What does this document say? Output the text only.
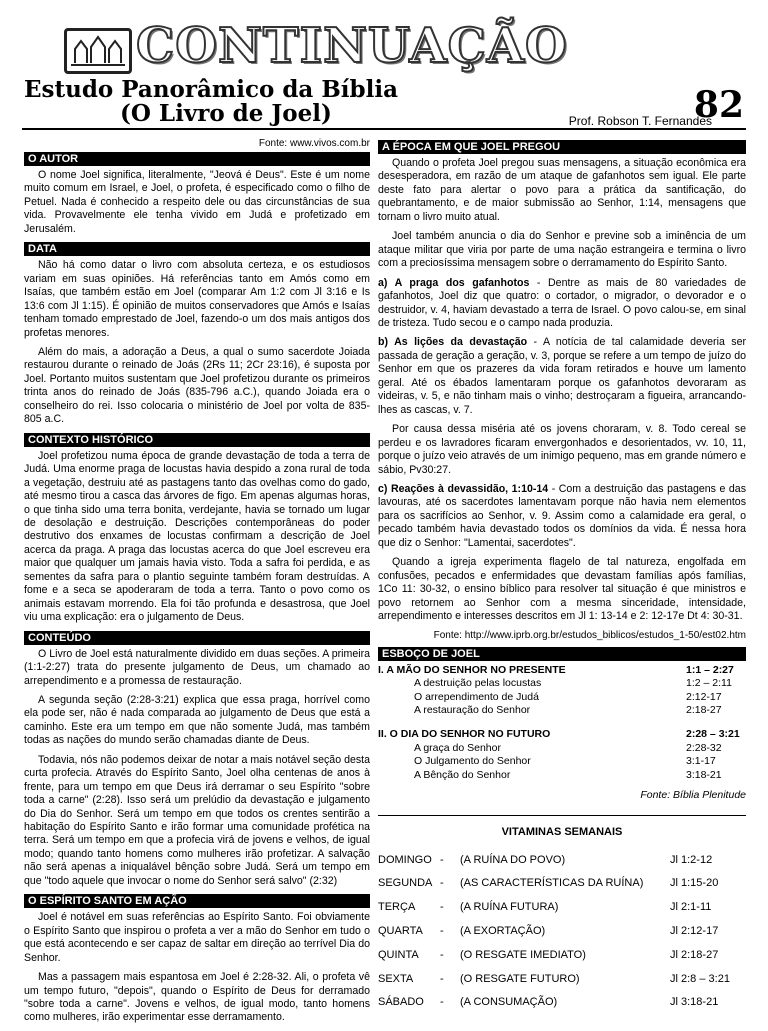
CONTINUAÇÃO
Estudo Panorâmico da Bíblia
(O Livro de Joel)	82
Prof. Robson T. Fernandes
Fonte: www.vivos.com.br
O AUTOR

O nome Joel significa, literalmente, "Jeová é Deus". Este é um nome muito comum em Israel, e Joel, o profeta, é especificado como o filho de Petuel. Nada é conhecido a respeito dele ou das circunstâncias de sua vida. Provavelmente ele tenha vivido em Judá e profetizado em Jerusalém.

DATA

Não há como datar o livro com absoluta certeza, e os estudiosos variam em suas opiniões. Há referências tanto em Amós como em Isaías, que também estão em Joel (comparar Am 1:2 com Jl 3:16 e Is 13:6 com Jl 1:15). É opinião de muitos conservadores que Amós e Isaías tenham tomado emprestado de Joel, fazendo-o um dos mais antigos dos profetas menores.

Além do mais, a adoração a Deus, a qual o sumo sacerdote Joiada restaurou durante o reinado de Joás (2Rs 11; 2Cr 23:16), é suposta por Joel. Portanto muitos sustentam que Joel profetizou durante os primeiros trinta anos do reinado de Joás (835-796 a.C.), quando Joiada era o conselheiro do rei. Isso colocaria o ministério de Joel por volta de 835-805 a.C.

CONTEXTO HISTÓRICO

Joel profetizou numa época de grande devastação de toda a terra de Judá. Uma enorme praga de locustas havia despido a zona rural de toda a vegetação, destruiu até as pastagens tanto das ovelhas como do gado, até mesmo tirou a casca das árvores de figo. Em apenas algumas horas, o que tinha sido uma terra bonita, verdejante, havia se tornado um lugar de desolação e destruição. Descrições contemporâneas do poder destrutivo dos enxames de locustas confirmam a descrição de Joel acerca da praga. A praga das locustas acerca do que Joel escreveu era maior que qualquer um jamais havia visto. Toda a safra foi perdida, e as sementes da safra para o plantio seguinte também foram destruídas. A fome e a seca se apoderaram de toda a terra. Tanto o povo como os animais estavam morrendo. Ela foi tão profunda e desastrosa, que Joel viu uma explicação: era o julgamento de Deus.

CONTEÚDO

O Livro de Joel está naturalmente dividido em duas seções. A primeira (1:1-2:27) trata do presente julgamento de Deus, um chamado ao arrependimento e a promessa de restauração.

A segunda seção (2:28-3:21) explica que essa praga, horrível como ela pode ser, não é nada comparada ao julgamento de Deus que está a caminho. Este era um tempo em que não somente Judá, mas também todas as nações do mundo serão chamadas diante de Deus.

Todavia, nós não podemos deixar de notar a mais notável seção desta curta profecia. Através do Espírito Santo, Joel olha centenas de anos à frente, para um tempo em que Deus irá derramar o seu Espírito "sobre toda a carne" (2:28). Isso será um prelúdio da devastação e julgamento do Dia do Senhor. Será um tempo em que todos os crentes sentirão a habitação do Espírito Santo e irão formar uma comunidade profética na terra. Será um tempo em que a profecia virá de jovens e velhos, de igual modo; quando tanto homens como mulheres irão profetizar. A salvação não será apenas a iniqualável bênção sobre Judá. Será um tempo em que "todo aquele que invocar o nome do Senhor será salvo" (2:32)

O ESPÍRITO SANTO EM AÇÃO

Joel é notável em suas referências ao Espírito Santo. Foi obviamente o Espírito Santo que inspirou o profeta a ver a mão do Senhor em tudo o que está acontecendo e ser capaz de saltar em direção ao terrível Dia do Senhor.

Mas a passagem mais espantosa em Joel é 2:28-32. Ali, o profeta vê um tempo futuro, "depois", quando o Espírito de Deus for derramado "sobre toda a carne". Jovens e velhos, de igual modo, tanto homens como mulheres, irão experimentar esse derramamento.

A ÉPOCA EM QUE JOEL PREGOU

Quando o profeta Joel pregou suas mensagens, a situação econômica era desesperadora, em razão de um ataque de gafanhotos sem igual. Ele parte deste fato para alertar o povo para a prática da santificação, do quebrantamento, e de maior submissão ao Senhor, 1:14, mensagens que tornam o livro muito atual.

Joel também anuncia o dia do Senhor e previne sob a iminência de um ataque militar que viria por parte de uma nação estrangeira e termina o livro com a preciosíssima mensagem sobre o derramamento do Espírito Santo.

a) A praga dos gafanhotos - Dentre as mais de 80 variedades de gafanhotos, Joel diz que quatro: o cortador, o migrador, o devorador e o destruidor, v. 4, haviam devastado a terra de Israel. O povo calou-se, em sinal de tristeza. Tudo secou e o campo nada produzia.

b) As lições da devastação - A notícia de tal calamidade deveria ser passada de geração a geração, v. 3, porque se refere a um tempo de juízo do Senhor em que os prazeres da vida foram retirados e houve um lamento geral. Até os ébados lamentaram porque os gafanhotos devoraram as videiras, v. 5, e não tinham mais o vinho; destroçaram a figueira, arrancando-lhes as cascas, v. 7.

Por causa dessa miséria até os jovens choraram, v. 8. Todo cereal se perdeu e os lavradores ficaram envergonhados e desorientados, vv. 10, 11, porque o juízo veio através de um inimigo pequeno, mas em grande número e sábio, Pv30:27.

c) Reações à devassidão, 1:10-14 - Com a destruição das pastagens e das lavouras, até os sacerdotes lamentavam porque não havia nem elementos para os sacrifícios ao Senhor, v. 9. Assim como a calamidade era geral, o pecado também havia devastado todos os domínios da vida. É nessa hora que diz o Senhor: "Lamentai, sacerdotes".

Quando a igreja experimenta flagelo de tal natureza, engolfada em confusões, pecados e enfermidades que devastam famílias após famílias, 1Co 11: 30-32, o ensino bíblico para resolver tal situação é que ministros e povo retornem ao Senhor com a mesma sinceridade, intensidade, arrependimento e interesses descritos em Jl 1: 13-14 e 2: 12-17e Dt 4: 30-31.

Fonte: http://www.iprb.org.br/estudos_biblicos/estudos_1-50/est02.htm
ESBOÇO DE JOEL
I. A MÃO DO SENHOR NO PRESENTE	1:1 – 2:27
A destruição pelas locustas	1:2 – 2:11
O arrependimento de Judá	2:12-17
A restauração do Senhor	2:18-27
II. O DIA DO SENHOR NO FUTURO	2:28 – 3:21
A graça do Senhor	2:28-32
O Julgamento do Senhor	3:1-17
A Bênção do Senhor	3:18-21
Fonte: Bíblia Plenitude
VITAMINAS SEMANAIS
DOMINGO -	(A RUÍNA DO POVO)	Jl 1:2-12
SEGUNDA -	(AS CARACTERÍSTICAS DA RUÍNA)	Jl 1:15-20
TERÇA	-	(A RUÍNA FUTURA)	Jl 2:1-11
QUARTA	-	(A EXORTAÇÃO)	Jl 2:12-17
QUINTA	-	(O RESGATE IMEDIATO)	Jl 2:18-27
SEXTA	-	(O RESGATE FUTURO)	Jl 2:8 – 3:21
SÁBADO	-	(A CONSUMAÇÃO)	Jl 3:18-21
